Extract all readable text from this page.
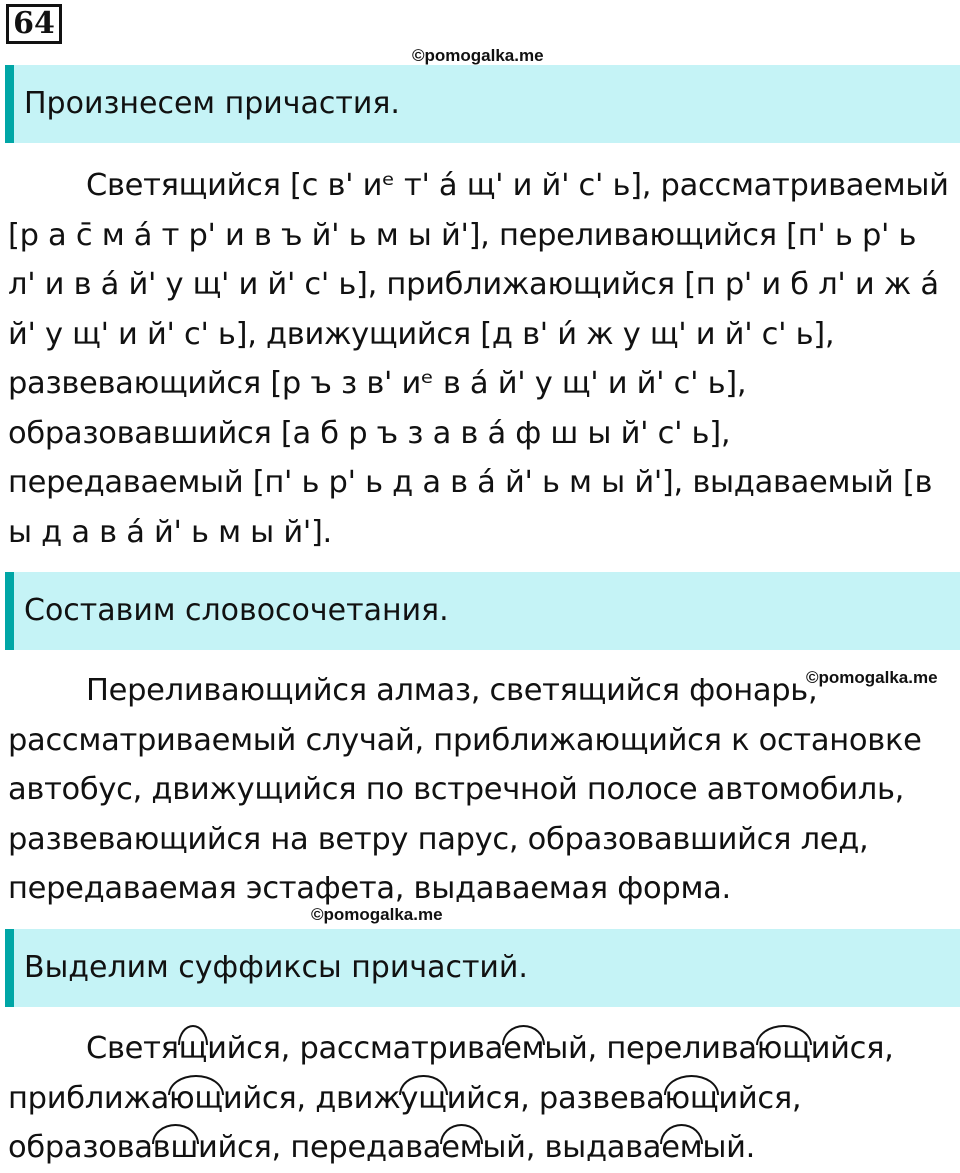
64
©pomogalka.me
Произнесем причастия.

Светящийся [с в' иᵉ т' а́ щ' и й' с' ь], рассматриваемый [р а с̄ м а́ т р' и в ъ й' ь м ы й'], переливающийся [п' ь р' ь л' и в а́ й' у щ' и й' с' ь], приближающийся [п р' и б л' и ж а́ й' у щ' и й' с' ь], движущийся [д в' и́ ж у щ' и й' с' ь], развевающийся [р ъ з в' иᵉ в а́ й' у щ' и й' с' ь], образовавшийся [а б р ъ з а в а́ ф ш ы й' с' ь], передаваемый [п' ь р' ь д а в а́ й' ь м ы й'], выдаваемый [в ы д а в а́ й' ь м ы й'].

Составим словосочетания.

Переливающийся алмаз, светящийся фонарь, рассматриваемый случай, приближающийся к остановке автобус, движущийся по встречной полосе автомобиль, развевающийся на ветру парус, образовавшийся лед, передаваемая эстафета, выдаваемая форма.

©pomogalka.me
©pomogalka.me
Выделим суффиксы причастий.

Светящийся, рассматриваемый, переливающийся, приближающийся, движущийся, развевающийся, образовавшийся, передаваемый, выдаваемый.
